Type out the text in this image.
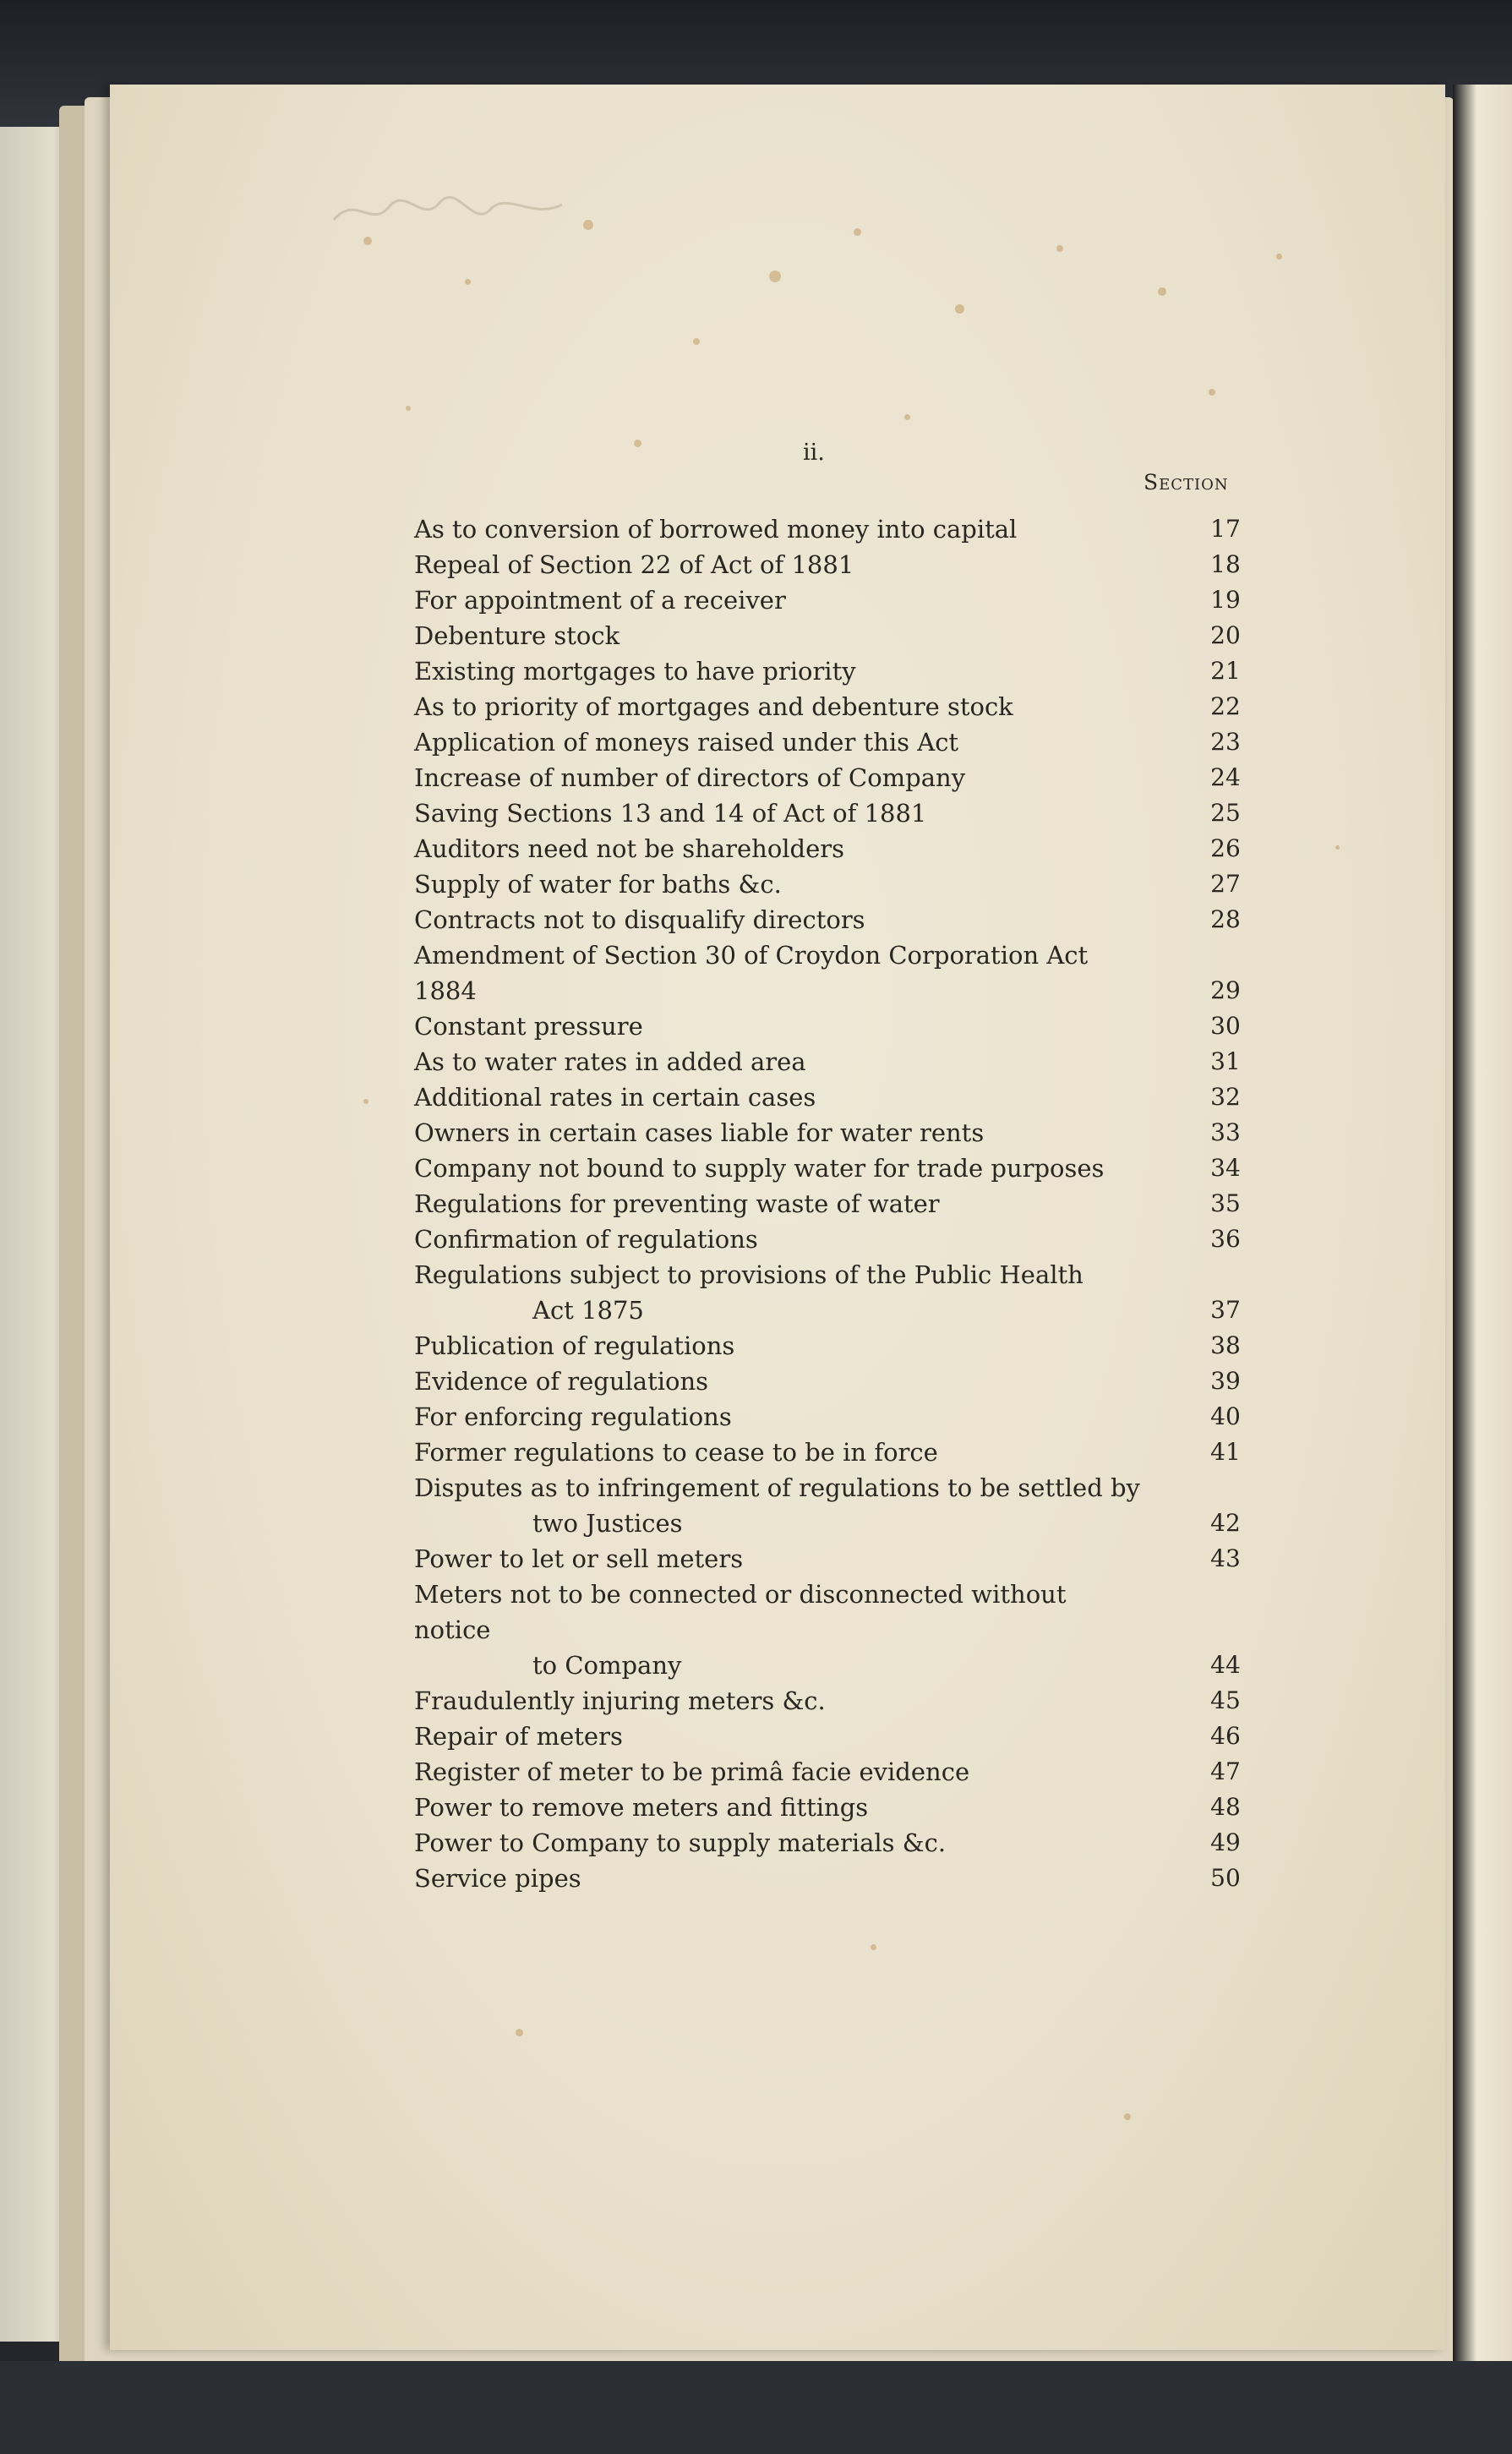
ii.
Section
As to conversion of borrowed money into capital	17
Repeal of Section 22 of Act of 1881	18
For appointment of a receiver	19
Debenture stock	20
Existing mortgages to have priority	21
As to priority of mortgages and debenture stock	22
Application of moneys raised under this Act	23
Increase of number of directors of Company	24
Saving Sections 13 and 14 of Act of 1881	25
Auditors need not be shareholders	26
Supply of water for baths &c.	27
Contracts not to disqualify directors	28
Amendment of Section 30 of Croydon Corporation Act 1884	29
Constant pressure	30
As to water rates in added area	31
Additional rates in certain cases	32
Owners in certain cases liable for water rents	33
Company not bound to supply water for trade purposes	34
Regulations for preventing waste of water	35
Confirmation of regulations	36
Regulations subject to provisions of the Public Health
Act 1875	37
Publication of regulations	38
Evidence of regulations	39
For enforcing regulations	40
Former regulations to cease to be in force	41
Disputes as to infringement of regulations to be settled by
two Justices	42
Power to let or sell meters	43
Meters not to be connected or disconnected without notice
to Company	44
Fraudulently injuring meters &c.	45
Repair of meters	46
Register of meter to be primâ facie evidence	47
Power to remove meters and fittings	48
Power to Company to supply materials &c.	49
Service pipes	50
